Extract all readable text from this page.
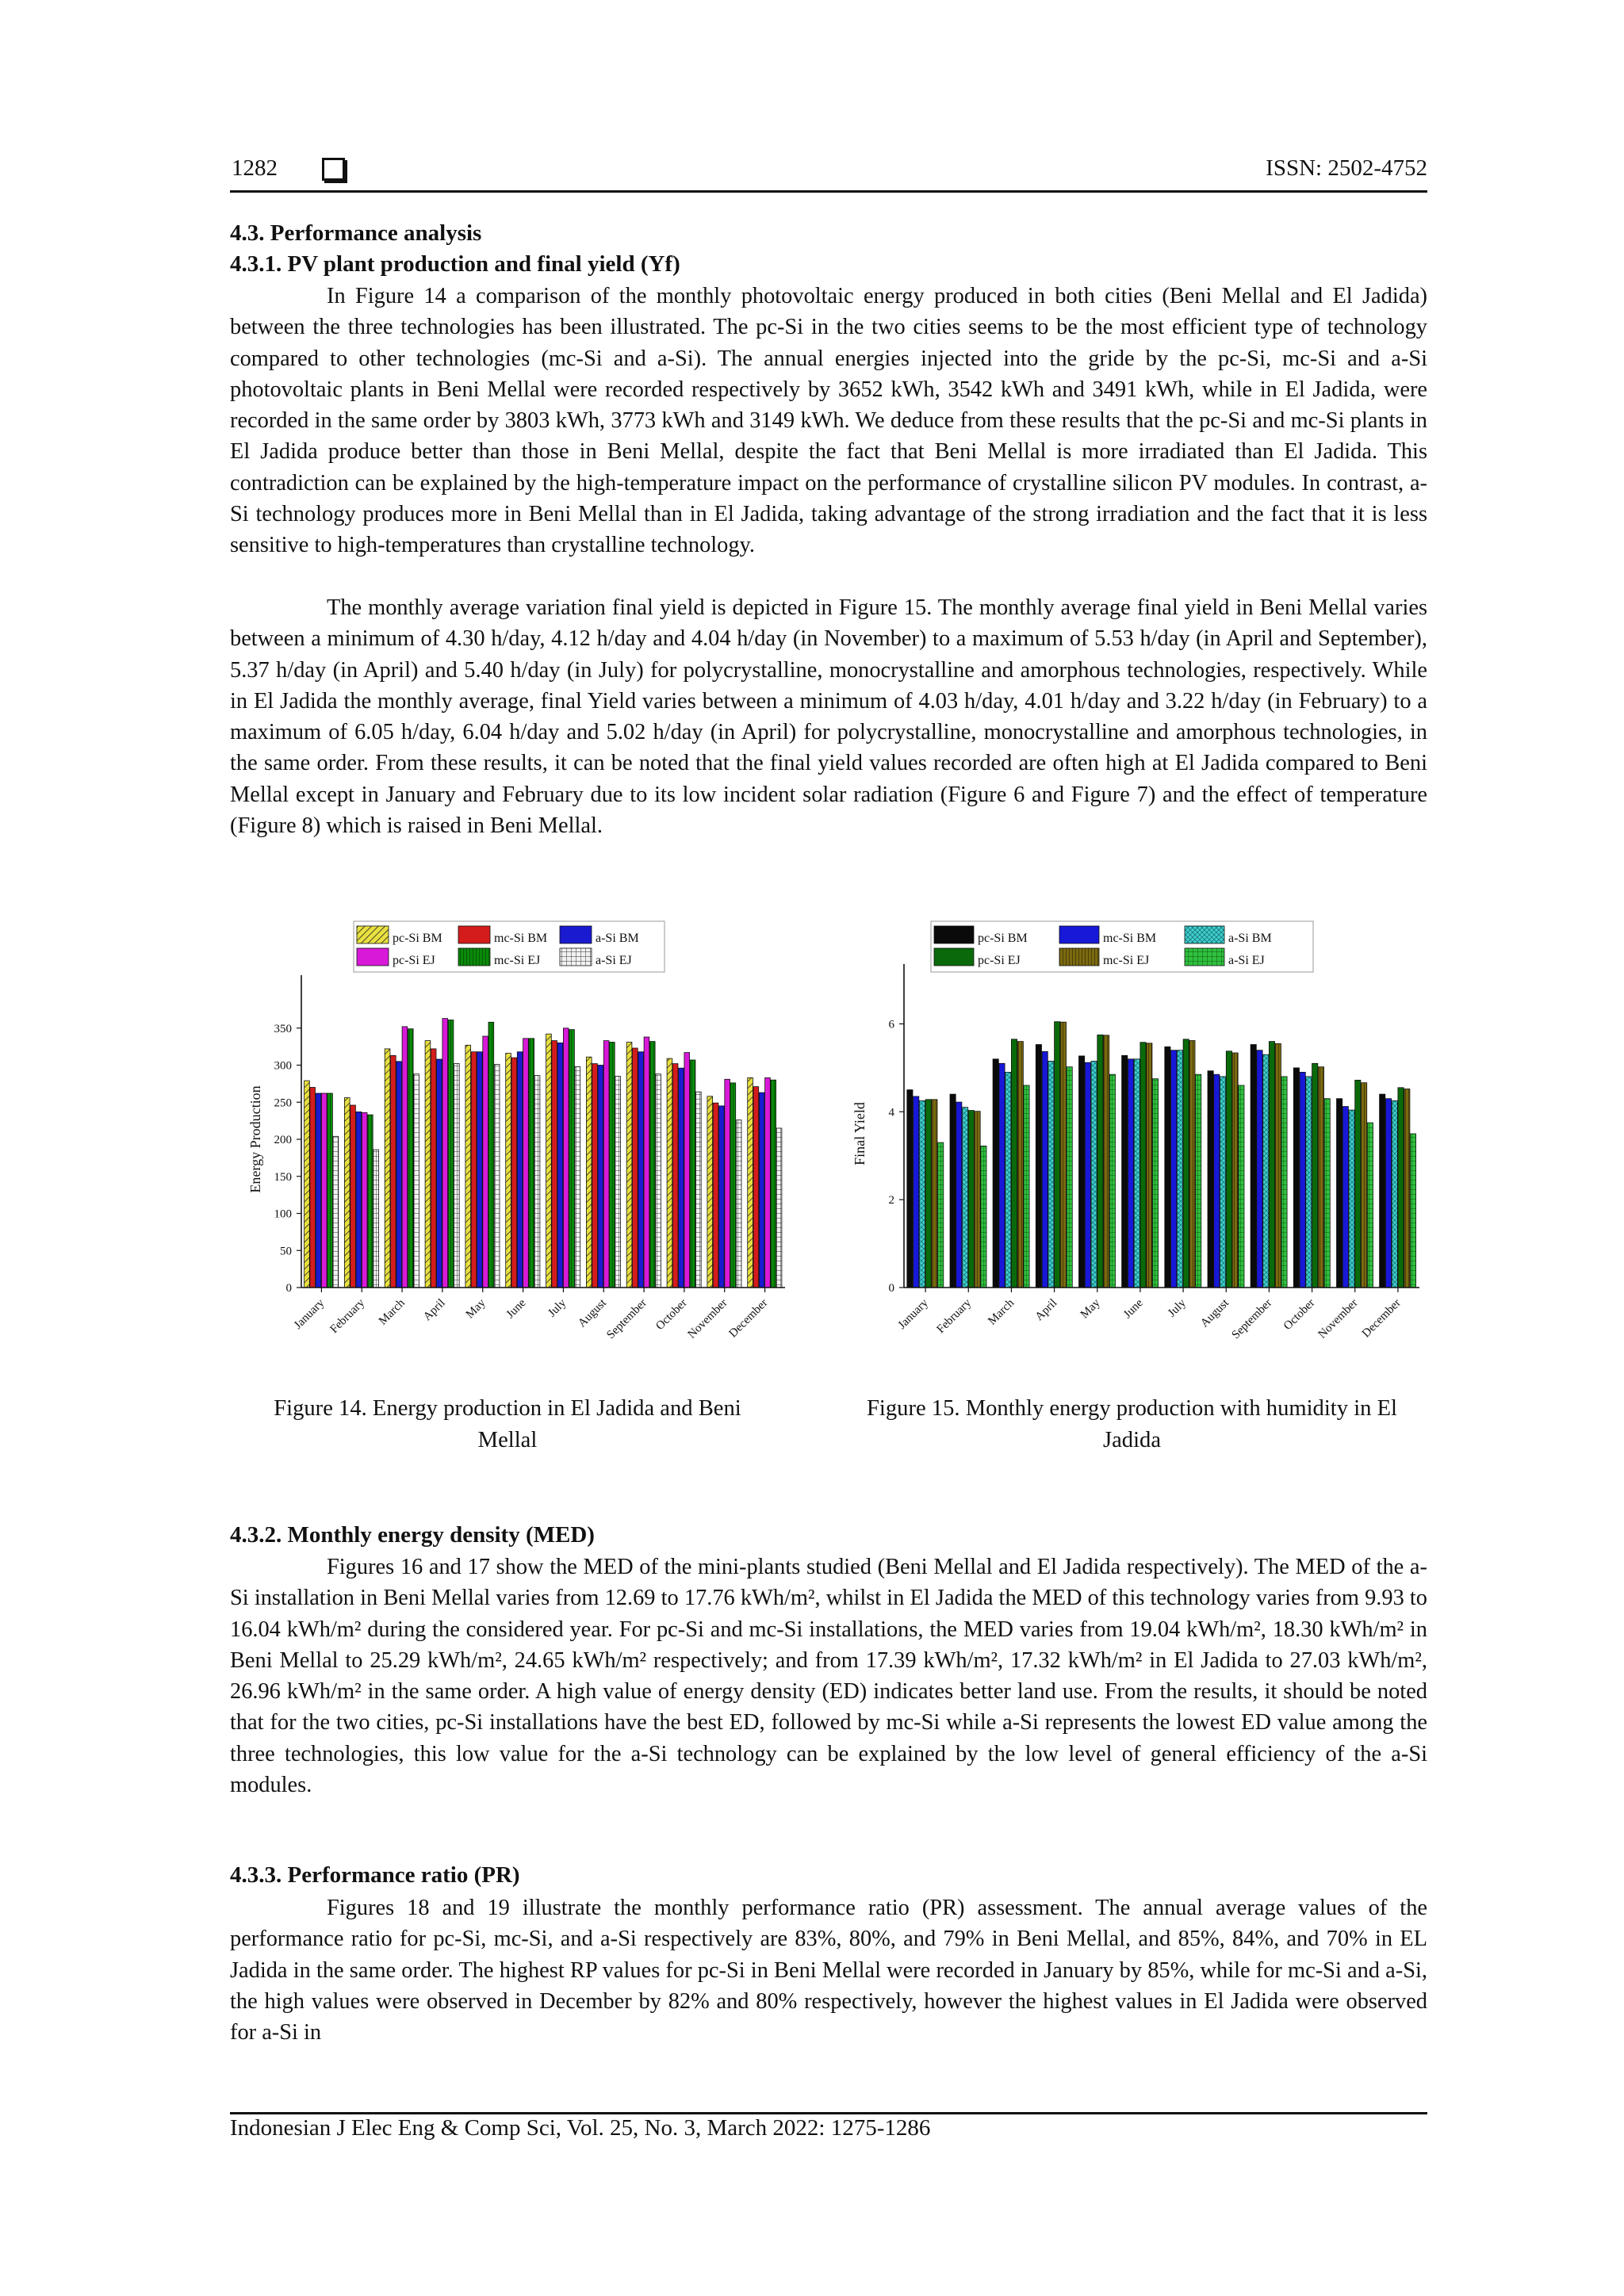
1282	ISSN: 2502-4752
4.3. Performance analysis
4.3.1. PV plant production and final yield (Yf)

In Figure 14 a comparison of the monthly photovoltaic energy produced in both cities (Beni Mellal and El Jadida) between the three technologies has been illustrated. The pc-Si in the two cities seems to be the most efficient type of technology compared to other technologies (mc-Si and a-Si). The annual energies injected into the gride by the pc-Si, mc-Si and a-Si photovoltaic plants in Beni Mellal were recorded respectively by 3652 kWh, 3542 kWh and 3491 kWh, while in El Jadida, were recorded in the same order by 3803 kWh, 3773 kWh and 3149 kWh. We deduce from these results that the pc-Si and mc-Si plants in El Jadida produce better than those in Beni Mellal, despite the fact that Beni Mellal is more irradiated than El Jadida. This contradiction can be explained by the high-temperature impact on the performance of crystalline silicon PV modules. In contrast, a-Si technology produces more in Beni Mellal than in El Jadida, taking advantage of the strong irradiation and the fact that it is less sensitive to high-temperatures than crystalline technology.

The monthly average variation final yield is depicted in Figure 15. The monthly average final yield in Beni Mellal varies between a minimum of 4.30 h/day, 4.12 h/day and 4.04 h/day (in November) to a maximum of 5.53 h/day (in April and September), 5.37 h/day (in April) and 5.40 h/day (in July) for polycrystalline, monocrystalline and amorphous technologies, respectively. While in El Jadida the monthly average, final Yield varies between a minimum of 4.03 h/day, 4.01 h/day and 3.22 h/day (in February) to a maximum of 6.05 h/day, 6.04 h/day and 5.02 h/day (in April) for polycrystalline, monocrystalline and amorphous technologies, in the same order. From these results, it can be noted that the final yield values recorded are often high at El Jadida compared to Beni Mellal except in January and February due to its low incident solar radiation (Figure 6 and Figure 7) and the effect of temperature (Figure 8) which is raised in Beni Mellal.

0
50
100
150
200
250
300
350
January February March April May June July August
September October
November
December
Energy Production
pc-Si BM	mc-Si BM	a-Si BM
pc-Si EJ	mc-Si EJ	a-Si EJ
0
2
4
6
January February March April May June July August
September October
November December
Final Yield
pc-Si BM	mc-Si BM	a-Si BM
pc-Si EJ	mc-Si EJ	a-Si EJ
Figure 14. Energy production in El Jadida and Beni Mellal
Figure 15. Monthly energy production with humidity in El Jadida
4.3.2. Monthly energy density (MED)

Figures 16 and 17 show the MED of the mini-plants studied (Beni Mellal and El Jadida respectively). The MED of the a-Si installation in Beni Mellal varies from 12.69 to 17.76 kWh/m², whilst in El Jadida the MED of this technology varies from 9.93 to 16.04 kWh/m² during the considered year. For pc-Si and mc-Si installations, the MED varies from 19.04 kWh/m², 18.30 kWh/m² in Beni Mellal to 25.29 kWh/m², 24.65 kWh/m² respectively; and from 17.39 kWh/m², 17.32 kWh/m² in El Jadida to 27.03 kWh/m², 26.96 kWh/m² in the same order. A high value of energy density (ED) indicates better land use. From the results, it should be noted that for the two cities, pc-Si installations have the best ED, followed by mc-Si while a-Si represents the lowest ED value among the three technologies, this low value for the a-Si technology can be explained by the low level of general efficiency of the a-Si modules.

4.3.3. Performance ratio (PR)

Figures 18 and 19 illustrate the monthly performance ratio (PR) assessment. The annual average values of the performance ratio for pc-Si, mc-Si, and a-Si respectively are 83%, 80%, and 79% in Beni Mellal, and 85%, 84%, and 70% in EL Jadida in the same order. The highest RP values for pc-Si in Beni Mellal were recorded in January by 85%, while for mc-Si and a-Si, the high values were observed in December by 82% and 80% respectively, however the highest values in El Jadida were observed for a-Si in

Indonesian J Elec Eng & Comp Sci, Vol. 25, No. 3, March 2022: 1275-1286
